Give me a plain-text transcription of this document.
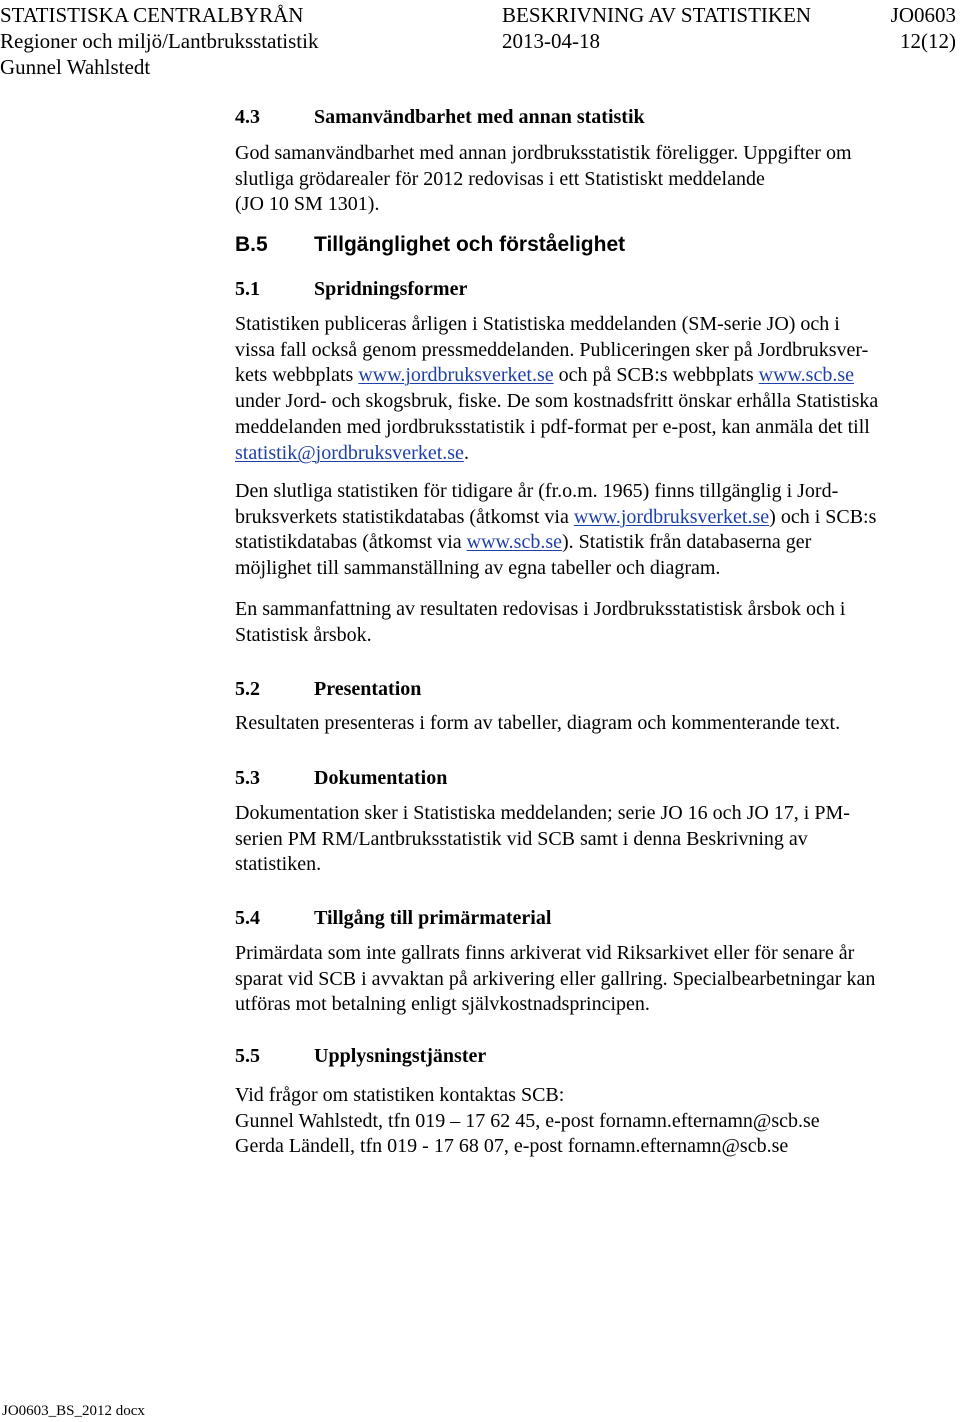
STATISTISKA CENTRALBYRÅN	BESKRIVNING AV STATISTIKEN	JO0603
Regioner och miljö/Lantbruksstatistik	2013-04-18	12(12)
Gunnel Wahlstedt
4.3	Samanvändbarhet med annan statistik

God samanvändbarhet med annan jordbruksstatistik föreligger. Uppgifter om
slutliga grödarealer för 2012 redovisas i ett Statistiskt meddelande
(JO 10 SM 1301).

B.5 Tillgänglighet och förståelighet
5.1	Spridningsformer

Statistiken publiceras årligen i Statistiska meddelanden (SM-serie JO) och i
vissa fall också genom pressmeddelanden. Publiceringen sker på Jordbruksver-
kets webbplats www.jordbruksverket.se och på SCB:s webbplats www.scb.se
under Jord- och skogsbruk, fiske. De som kostnadsfritt önskar erhålla Statistiska
meddelanden med jordbruksstatistik i pdf-format per e-post, kan anmäla det till
statistik@jordbruksverket.se.

Den slutliga statistiken för tidigare år (fr.o.m. 1965) finns tillgänglig i Jord-
bruksverkets statistikdatabas (åtkomst via www.jordbruksverket.se) och i SCB:s
statistikdatabas (åtkomst via www.scb.se). Statistik från databaserna ger
möjlighet till sammanställning av egna tabeller och diagram.

En sammanfattning av resultaten redovisas i Jordbruksstatistisk årsbok och i
Statistisk årsbok.

5.2	Presentation

Resultaten presenteras i form av tabeller, diagram och kommenterande text.

5.3	Dokumentation

Dokumentation sker i Statistiska meddelanden; serie JO 16 och JO 17, i PM-
serien PM RM/Lantbruksstatistik vid SCB samt i denna Beskrivning av
statistiken.

5.4	Tillgång till primärmaterial

Primärdata som inte gallrats finns arkiverat vid Riksarkivet eller för senare år
sparat vid SCB i avvaktan på arkivering eller gallring. Specialbearbetningar kan
utföras mot betalning enligt självkostnadsprincipen.

5.5	Upplysningstjänster

Vid frågor om statistiken kontaktas SCB:
Gunnel Wahlstedt, tfn 019 – 17 62 45, e-post fornamn.efternamn@scb.se
Gerda Ländell, tfn 019 - 17 68 07, e-post fornamn.efternamn@scb.se

JO0603_BS_2012 docx
